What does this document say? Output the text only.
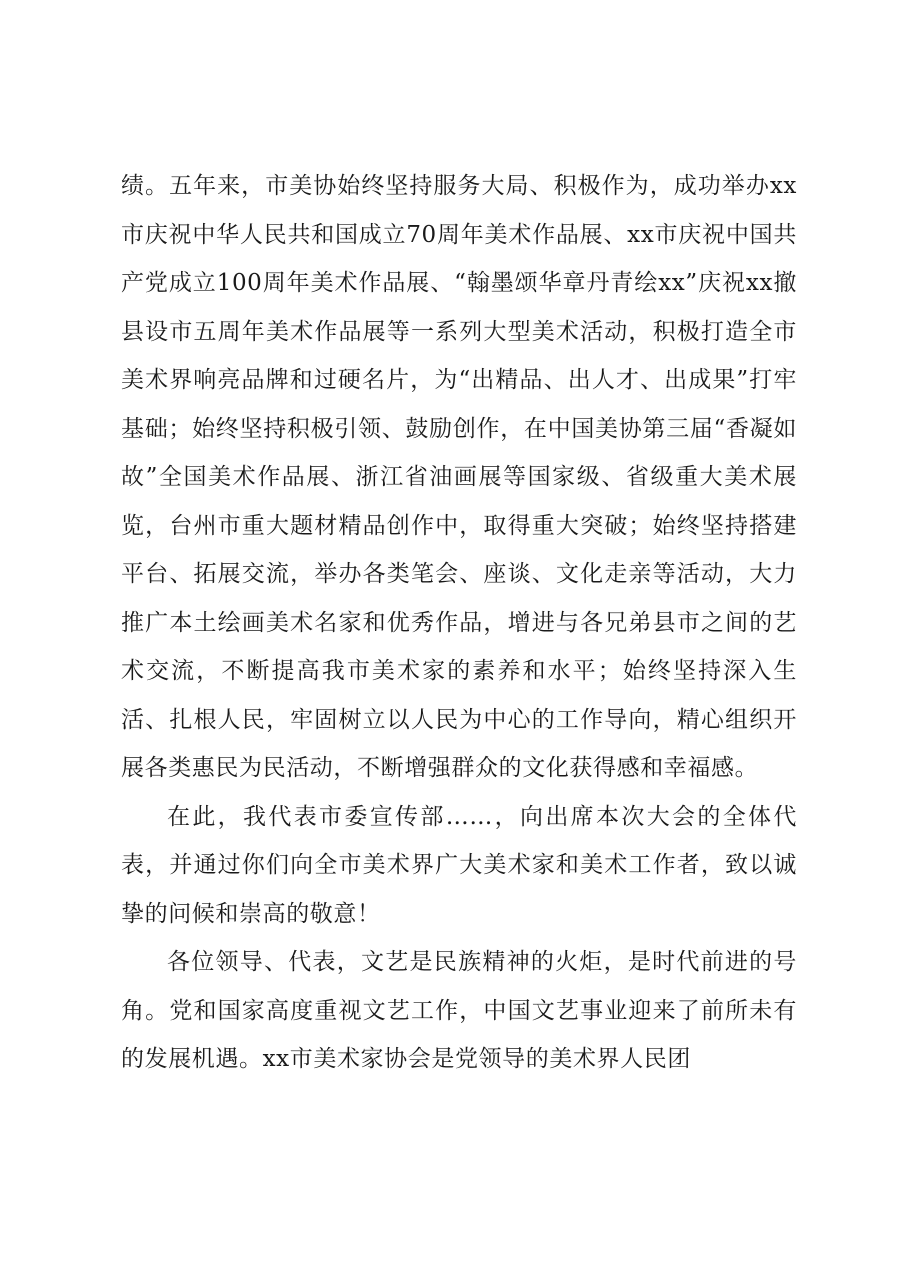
绩。五年来，市美协始终坚持服务大局、积极作为，成功举办xx市庆祝中华人民共和国成立70周年美术作品展、xx市庆祝中国共产党成立100周年美术作品展、“翰墨颂华章丹青绘xx”庆祝xx撤县设市五周年美术作品展等一系列大型美术活动，积极打造全市美术界响亮品牌和过硬名片，为“出精品、出人才、出成果”打牢基础；始终坚持积极引领、鼓励创作，在中国美协第三届“香凝如故”全国美术作品展、浙江省油画展等国家级、省级重大美术展览，台州市重大题材精品创作中，取得重大突破；始终坚持搭建平台、拓展交流，举办各类笔会、座谈、文化走亲等活动，大力推广本土绘画美术名家和优秀作品，增进与各兄弟县市之间的艺术交流，不断提高我市美术家的素养和水平；始终坚持深入生活、扎根人民，牢固树立以人民为中心的工作导向，精心组织开展各类惠民为民活动，不断增强群众的文化获得感和幸福感。

在此，我代表市委宣传部……，向出席本次大会的全体代表，并通过你们向全市美术界广大美术家和美术工作者，致以诚挚的问候和崇高的敬意！

各位领导、代表，文艺是民族精神的火炬，是时代前进的号角。党和国家高度重视文艺工作，中国文艺事业迎来了前所未有的发展机遇。xx市美术家协会是党领导的美术界人民团
